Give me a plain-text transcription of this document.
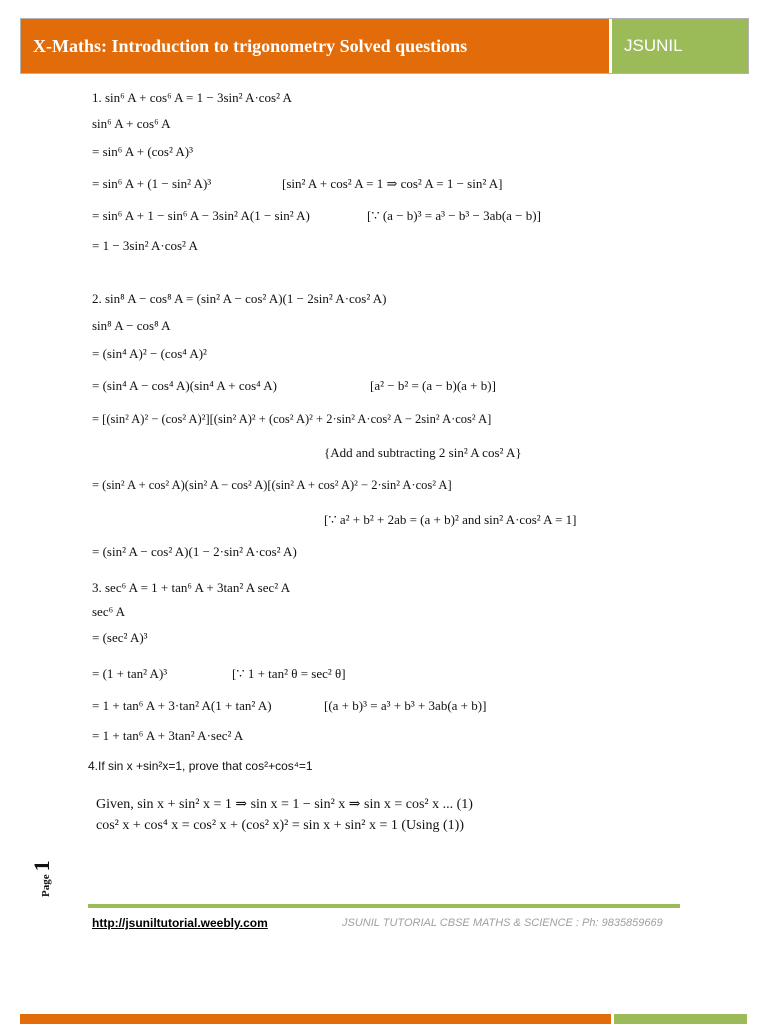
X-Maths: Introduction to trigonometry Solved questions	JSUNIL
1. sin⁶ A + cos⁶ A = 1 − 3sin² A·cos² A
sin⁶ A + cos⁶ A
= sin⁶ A + (cos² A)³
= sin⁶ A + (1 − sin² A)³	[sin² A + cos² A = 1 ⇒ cos² A = 1 − sin² A]
= sin⁶ A + 1 − sin⁶ A − 3sin² A(1 − sin² A)	[∵ (a − b)³ = a³ − b³ − 3ab(a − b)]
= 1 − 3sin² A·cos² A
2. sin⁸ A − cos⁸ A = (sin² A − cos² A)(1 − 2sin² A·cos² A)
sin⁸ A − cos⁸ A
= (sin⁴ A)² − (cos⁴ A)²
= (sin⁴ A − cos⁴ A)(sin⁴ A + cos⁴ A)	[a² − b² = (a − b)(a + b)]
= [(sin² A)² − (cos² A)²][(sin² A)² + (cos² A)² + 2·sin² A·cos² A − 2sin² A·cos² A]
{Add and subtracting 2 sin² A cos² A}
= (sin² A + cos² A)(sin² A − cos² A)[(sin² A + cos² A)² − 2·sin² A·cos² A]
[∵ a² + b² + 2ab = (a + b)² and sin² A·cos² A = 1]
= (sin² A − cos² A)(1 − 2·sin² A·cos² A)
3. sec⁶ A = 1 + tan⁶ A + 3tan² A sec² A
sec⁶ A
= (sec² A)³
= (1 + tan² A)³	[∵ 1 + tan² θ = sec² θ]
= 1 + tan⁶ A + 3·tan² A(1 + tan² A)	[(a + b)³ = a³ + b³ + 3ab(a + b)]
= 1 + tan⁶ A + 3tan² A·sec² A
4.If sin x +sin²x=1, prove that cos²+cos⁴=1
Given, sin x + sin² x = 1 ⇒ sin x = 1 − sin² x ⇒ sin x = cos² x ... (1)
cos² x + cos⁴ x = cos² x + (cos² x)² = sin x + sin² x = 1 (Using (1))
Page
1
http://jsuniltutorial.weebly.com	JSUNIL TUTORIAL CBSE MATHS & SCIENCE : Ph: 9835859669
